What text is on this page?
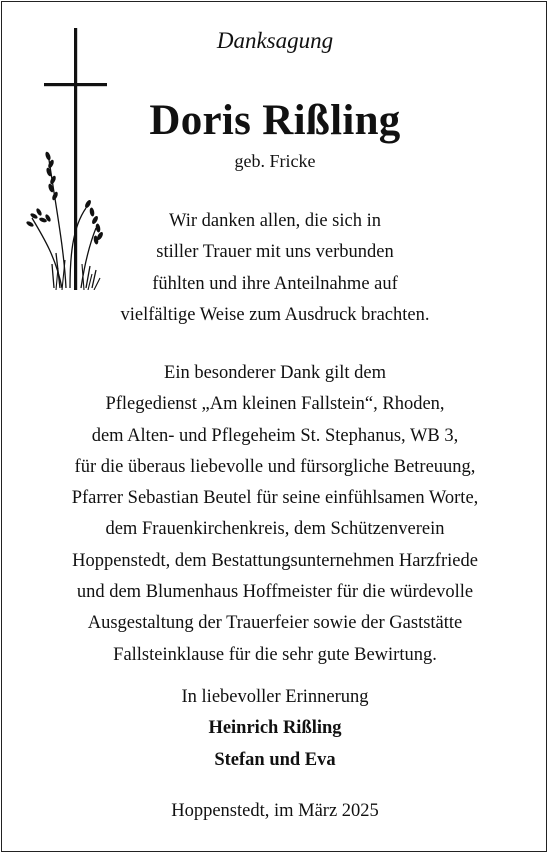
Danksagung
Doris Rißling
geb. Fricke
Wir danken allen, die sich in
stiller Trauer mit uns verbunden
fühlten und ihre Anteilnahme auf
vielfältige Weise zum Ausdruck brachten.
Ein besonderer Dank gilt dem
Pflegedienst „Am kleinen Fallstein“, Rhoden,
dem Alten- und Pflegeheim St. Stephanus, WB 3,
für die überaus liebevolle und fürsorgliche Betreuung,
Pfarrer Sebastian Beutel für seine einfühlsamen Worte,
dem Frauenkirchenkreis, dem Schützenverein
Hoppenstedt, dem Bestattungsunternehmen Harzfriede
und dem Blumenhaus Hoffmeister für die würdevolle
Ausgestaltung der Trauerfeier sowie der Gaststätte
Fallsteinklause für die sehr gute Bewirtung.
In liebevoller Erinnerung
Heinrich Rißling
Stefan und Eva
Hoppenstedt, im März 2025
